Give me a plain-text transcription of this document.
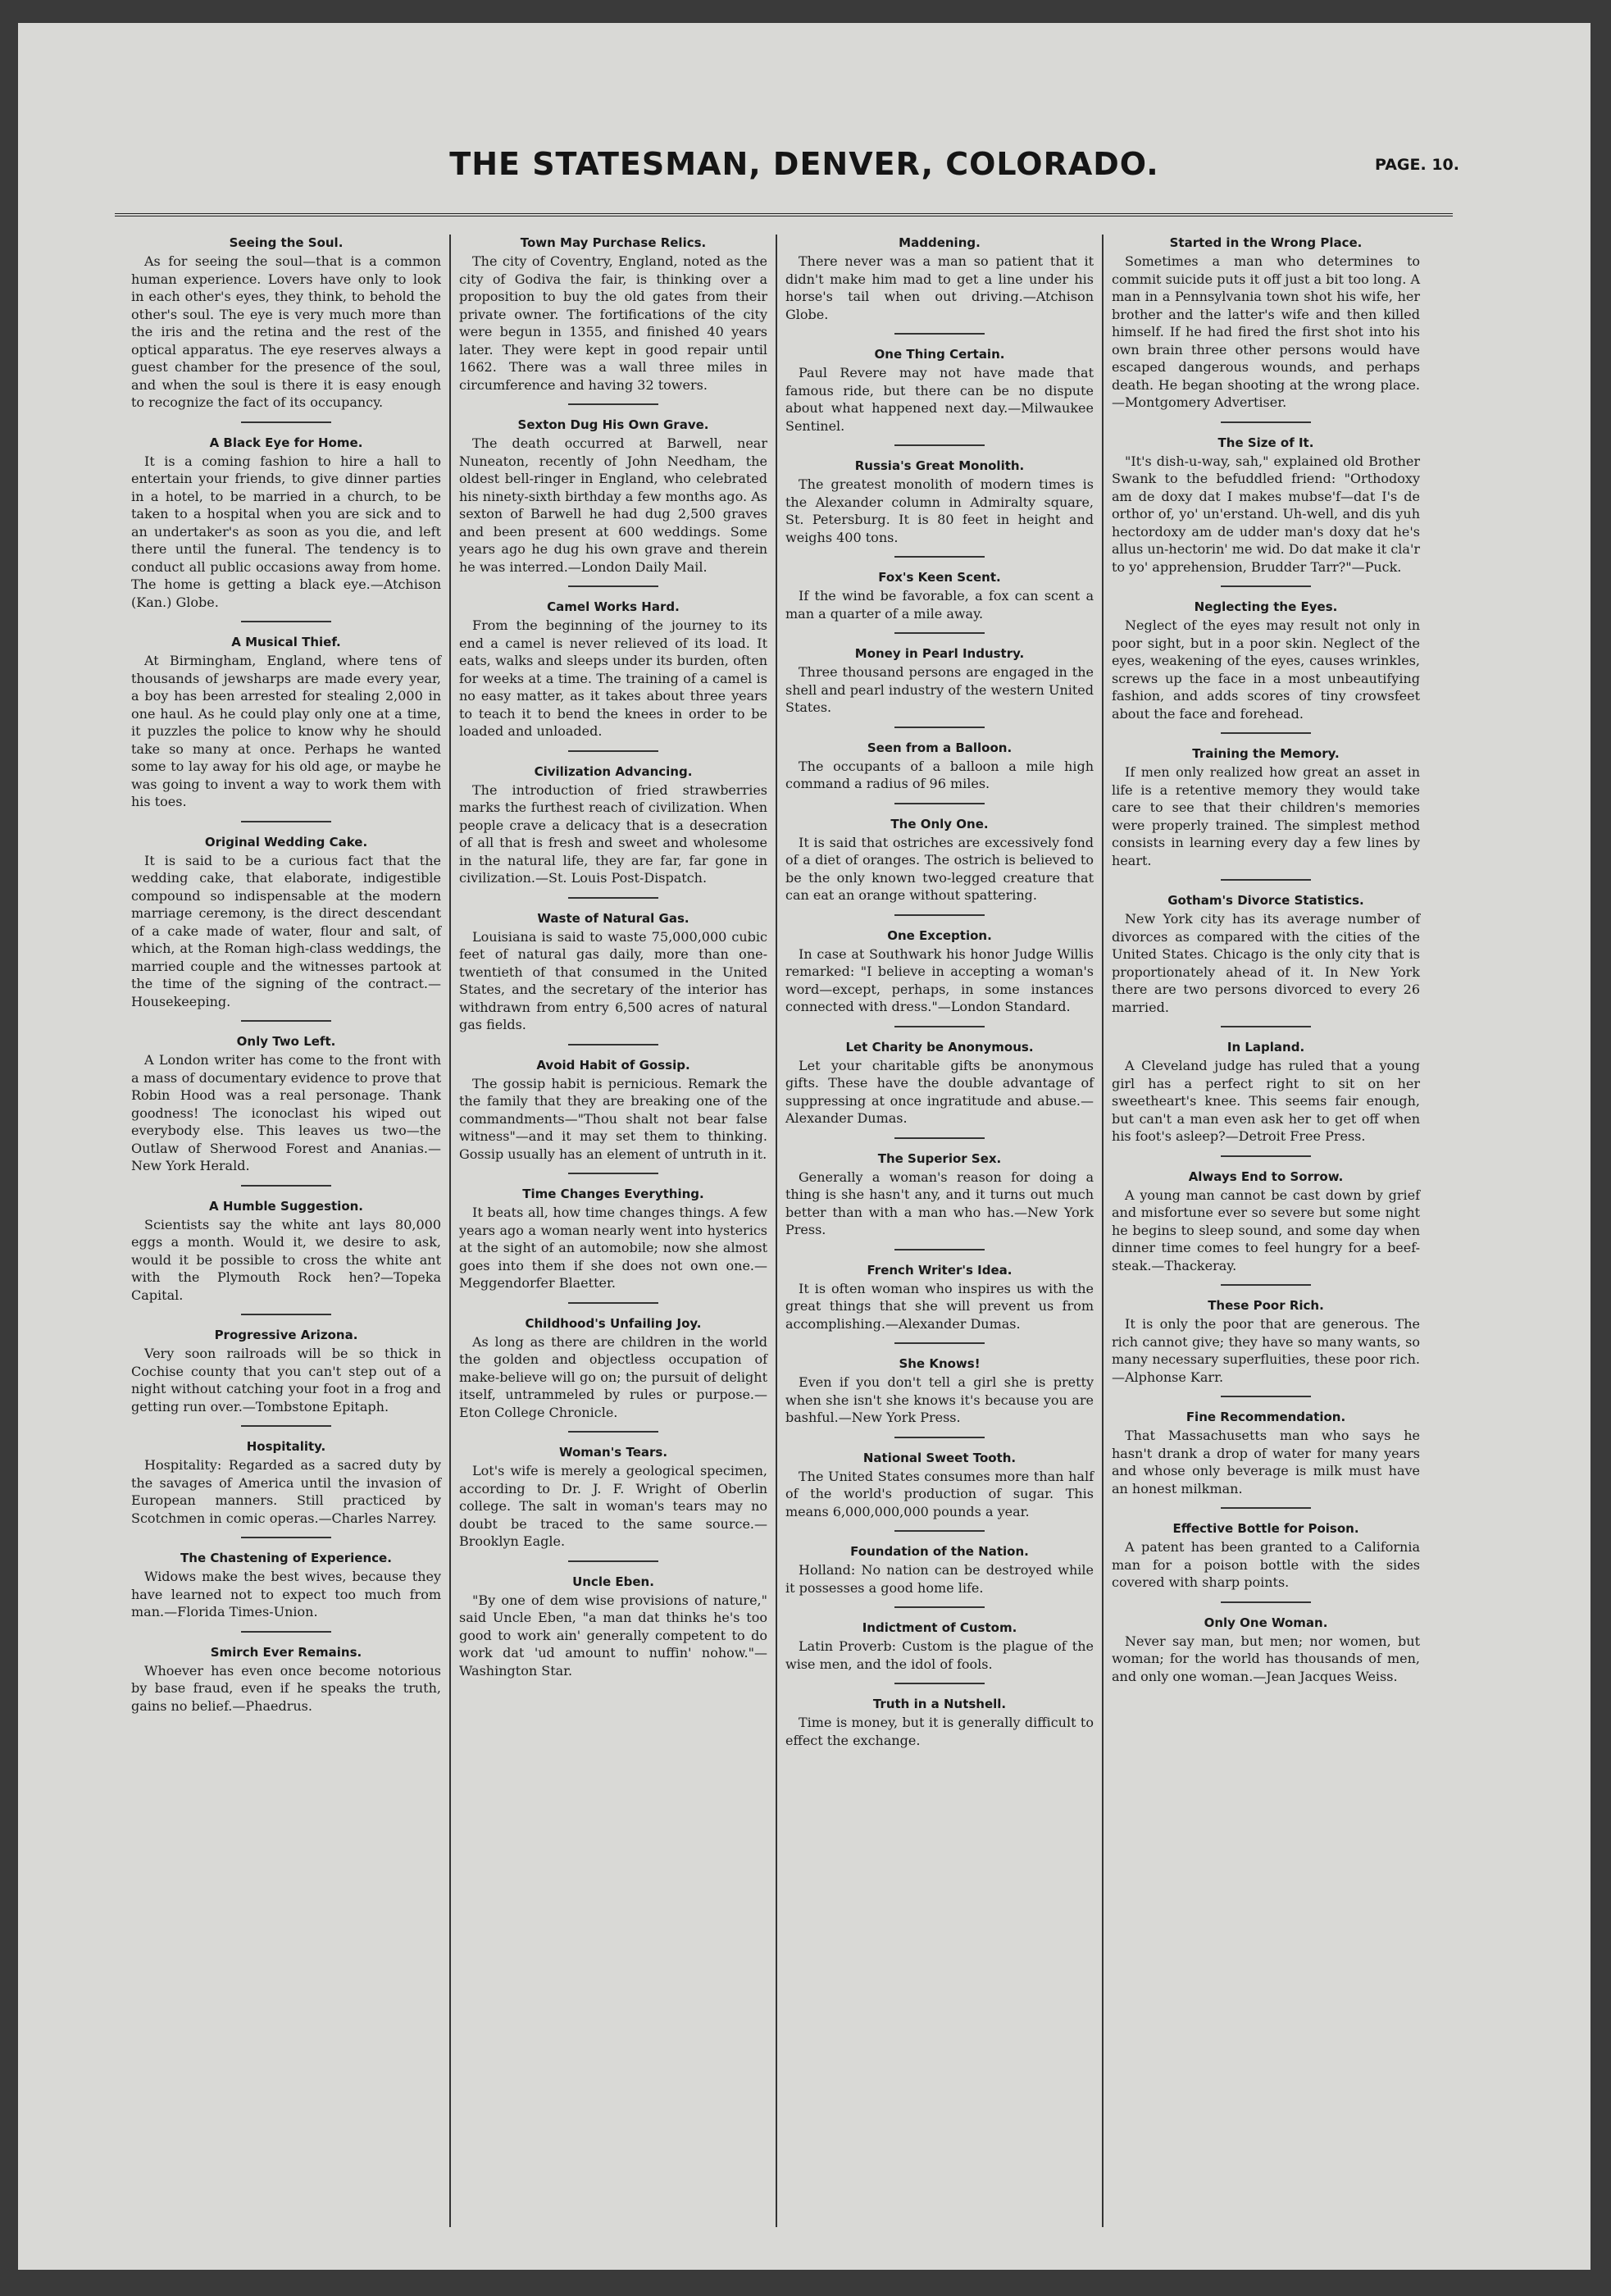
THE STATESMAN, DENVER, COLORADO.	PAGE. 10.
Seeing the Soul.

As for seeing the soul—that is a common human experience. Lovers have only to look in each other's eyes, they think, to behold the other's soul. The eye is very much more than the iris and the retina and the rest of the optical apparatus. The eye reserves always a guest chamber for the presence of the soul, and when the soul is there it is easy enough to recognize the fact of its occupancy.

A Black Eye for Home.

It is a coming fashion to hire a hall to entertain your friends, to give dinner parties in a hotel, to be married in a church, to be taken to a hospital when you are sick and to an undertaker's as soon as you die, and left there until the funeral. The tendency is to conduct all public occasions away from home. The home is getting a black eye.—Atchison (Kan.) Globe.

A Musical Thief.

At Birmingham, England, where tens of thousands of jewsharps are made every year, a boy has been arrested for stealing 2,000 in one haul. As he could play only one at a time, it puzzles the police to know why he should take so many at once. Perhaps he wanted some to lay away for his old age, or maybe he was going to invent a way to work them with his toes.

Original Wedding Cake.

It is said to be a curious fact that the wedding cake, that elaborate, indigestible compound so indispensable at the modern marriage ceremony, is the direct descendant of a cake made of water, flour and salt, of which, at the Roman high-class weddings, the married couple and the witnesses partook at the time of the signing of the contract.—Housekeeping.

Only Two Left.

A London writer has come to the front with a mass of documentary evidence to prove that Robin Hood was a real personage. Thank goodness! The iconoclast his wiped out everybody else. This leaves us two—the Outlaw of Sherwood Forest and Ananias.—New York Herald.

A Humble Suggestion.

Scientists say the white ant lays 80,000 eggs a month. Would it, we desire to ask, would it be possible to cross the white ant with the Plymouth Rock hen?—Topeka Capital.

Progressive Arizona.

Very soon railroads will be so thick in Cochise county that you can't step out of a night without catching your foot in a frog and getting run over.—Tombstone Epitaph.

Hospitality.

Hospitality: Regarded as a sacred duty by the savages of America until the invasion of European manners. Still practiced by Scotchmen in comic operas.—Charles Narrey.

The Chastening of Experience.

Widows make the best wives, because they have learned not to expect too much from man.—Florida Times-Union.

Smirch Ever Remains.

Whoever has even once become notorious by base fraud, even if he speaks the truth, gains no belief.—Phaedrus.

Town May Purchase Relics.

The city of Coventry, England, noted as the city of Godiva the fair, is thinking over a proposition to buy the old gates from their private owner. The fortifications of the city were begun in 1355, and finished 40 years later. They were kept in good repair until 1662. There was a wall three miles in circumference and having 32 towers.

Sexton Dug His Own Grave.

The death occurred at Barwell, near Nuneaton, recently of John Needham, the oldest bell-ringer in England, who celebrated his ninety-sixth birthday a few months ago. As sexton of Barwell he had dug 2,500 graves and been present at 600 weddings. Some years ago he dug his own grave and therein he was interred.—London Daily Mail.

Camel Works Hard.

From the beginning of the journey to its end a camel is never relieved of its load. It eats, walks and sleeps under its burden, often for weeks at a time. The training of a camel is no easy matter, as it takes about three years to teach it to bend the knees in order to be loaded and unloaded.

Civilization Advancing.

The introduction of fried strawberries marks the furthest reach of civilization. When people crave a delicacy that is a desecration of all that is fresh and sweet and wholesome in the natural life, they are far, far gone in civilization.—St. Louis Post-Dispatch.

Waste of Natural Gas.

Louisiana is said to waste 75,000,000 cubic feet of natural gas daily, more than one-twentieth of that consumed in the United States, and the secretary of the interior has withdrawn from entry 6,500 acres of natural gas fields.

Avoid Habit of Gossip.

The gossip habit is pernicious. Remark the the family that they are breaking one of the commandments—"Thou shalt not bear false witness"—and it may set them to thinking. Gossip usually has an element of untruth in it.

Time Changes Everything.

It beats all, how time changes things. A few years ago a woman nearly went into hysterics at the sight of an automobile; now she almost goes into them if she does not own one.—Meggendorfer Blaetter.

Childhood's Unfailing Joy.

As long as there are children in the world the golden and objectless occupation of make-believe will go on; the pursuit of delight itself, untrammeled by rules or purpose.—Eton College Chronicle.

Woman's Tears.

Lot's wife is merely a geological specimen, according to Dr. J. F. Wright of Oberlin college. The salt in woman's tears may no doubt be traced to the same source.—Brooklyn Eagle.

Uncle Eben.

"By one of dem wise provisions of nature," said Uncle Eben, "a man dat thinks he's too good to work ain' generally competent to do work dat 'ud amount to nuffin' nohow."—Washington Star.

Maddening.

There never was a man so patient that it didn't make him mad to get a line under his horse's tail when out driving.—Atchison Globe.

One Thing Certain.

Paul Revere may not have made that famous ride, but there can be no dispute about what happened next day.—Milwaukee Sentinel.

Russia's Great Monolith.

The greatest monolith of modern times is the Alexander column in Admiralty square, St. Petersburg. It is 80 feet in height and weighs 400 tons.

Fox's Keen Scent.

If the wind be favorable, a fox can scent a man a quarter of a mile away.

Money in Pearl Industry.

Three thousand persons are engaged in the shell and pearl industry of the western United States.

Seen from a Balloon.

The occupants of a balloon a mile high command a radius of 96 miles.

The Only One.

It is said that ostriches are excessively fond of a diet of oranges. The ostrich is believed to be the only known two-legged creature that can eat an orange without spattering.

One Exception.

In case at Southwark his honor Judge Willis remarked: "I believe in accepting a woman's word—except, perhaps, in some instances connected with dress."—London Standard.

Let Charity be Anonymous.

Let your charitable gifts be anonymous gifts. These have the double advantage of suppressing at once ingratitude and abuse.—Alexander Dumas.

The Superior Sex.

Generally a woman's reason for doing a thing is she hasn't any, and it turns out much better than with a man who has.—New York Press.

French Writer's Idea.

It is often woman who inspires us with the great things that she will prevent us from accomplishing.—Alexander Dumas.

She Knows!

Even if you don't tell a girl she is pretty when she isn't she knows it's because you are bashful.—New York Press.

National Sweet Tooth.

The United States consumes more than half of the world's production of sugar. This means 6,000,000,000 pounds a year.

Foundation of the Nation.

Holland: No nation can be destroyed while it possesses a good home life.

Indictment of Custom.

Latin Proverb: Custom is the plague of the wise men, and the idol of fools.

Truth in a Nutshell.

Time is money, but it is generally difficult to effect the exchange.

Started in the Wrong Place.

Sometimes a man who determines to commit suicide puts it off just a bit too long. A man in a Pennsylvania town shot his wife, her brother and the latter's wife and then killed himself. If he had fired the first shot into his own brain three other persons would have escaped dangerous wounds, and perhaps death. He began shooting at the wrong place.—Montgomery Advertiser.

The Size of It.

"It's dish-u-way, sah," explained old Brother Swank to the befuddled friend: "Orthodoxy am de doxy dat I makes mubse'f—dat I's de orthor of, yo' un'erstand. Uh-well, and dis yuh hectordoxy am de udder man's doxy dat he's allus un-hectorin' me wid. Do dat make it cla'r to yo' apprehension, Brudder Tarr?"—Puck.

Neglecting the Eyes.

Neglect of the eyes may result not only in poor sight, but in a poor skin. Neglect of the eyes, weakening of the eyes, causes wrinkles, screws up the face in a most unbeautifying fashion, and adds scores of tiny crowsfeet about the face and forehead.

Training the Memory.

If men only realized how great an asset in life is a retentive memory they would take care to see that their children's memories were properly trained. The simplest method consists in learning every day a few lines by heart.

Gotham's Divorce Statistics.

New York city has its average number of divorces as compared with the cities of the United States. Chicago is the only city that is proportionately ahead of it. In New York there are two persons divorced to every 26 married.

In Lapland.

A Cleveland judge has ruled that a young girl has a perfect right to sit on her sweetheart's knee. This seems fair enough, but can't a man even ask her to get off when his foot's asleep?—Detroit Free Press.

Always End to Sorrow.

A young man cannot be cast down by grief and misfortune ever so severe but some night he begins to sleep sound, and some day when dinner time comes to feel hungry for a beef-steak.—Thackeray.

These Poor Rich.

It is only the poor that are generous. The rich cannot give; they have so many wants, so many necessary superfluities, these poor rich.—Alphonse Karr.

Fine Recommendation.

That Massachusetts man who says he hasn't drank a drop of water for many years and whose only beverage is milk must have an honest milkman.

Effective Bottle for Poison.

A patent has been granted to a California man for a poison bottle with the sides covered with sharp points.

Only One Woman.

Never say man, but men; nor women, but woman; for the world has thousands of men, and only one woman.—Jean Jacques Weiss.
